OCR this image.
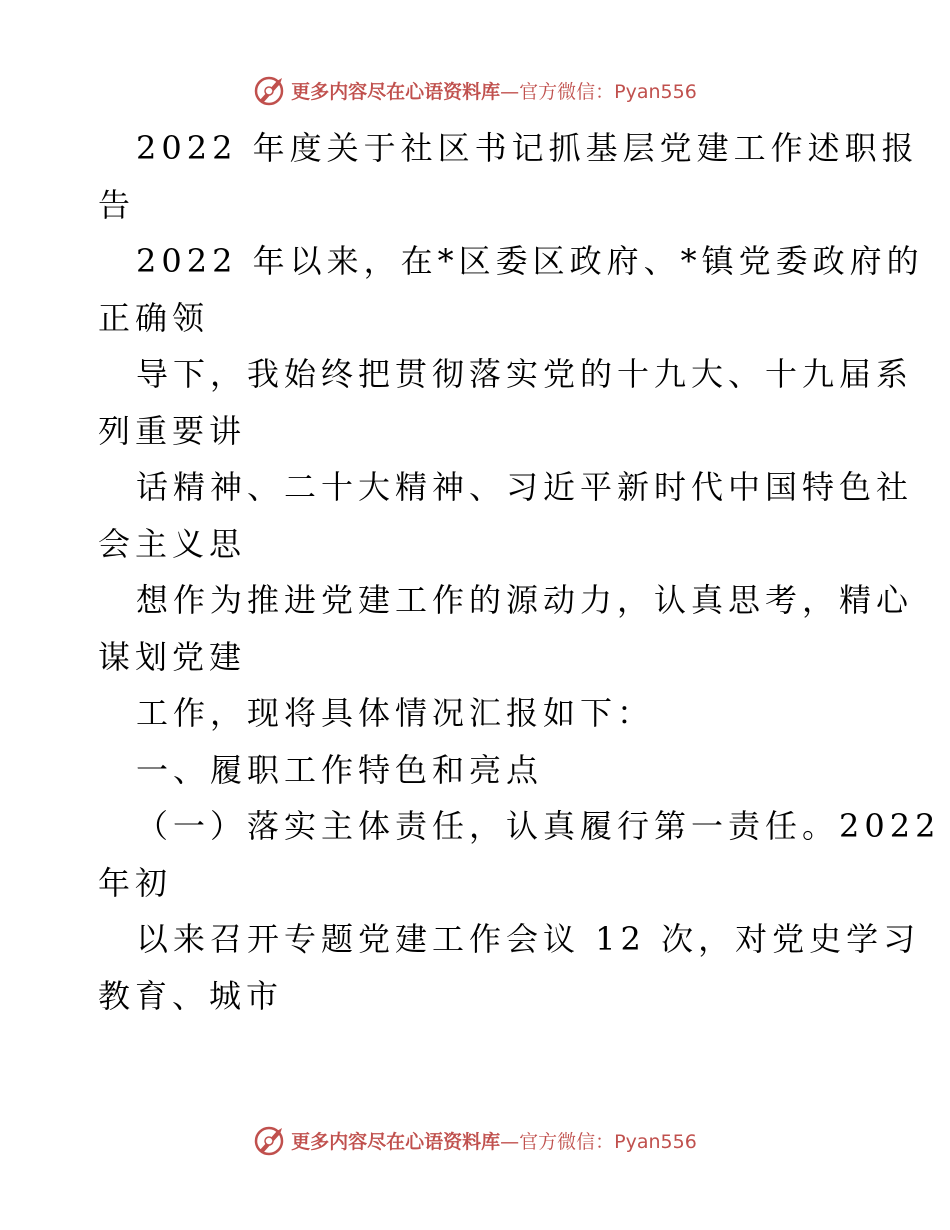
更多内容尽在心语资料库—官方微信：Pyan556
2022 年度关于社区书记抓基层党建工作述职报
告
2022 年以来，在*区委区政府、*镇党委政府的
正确领
导下，我始终把贯彻落实党的十九大、十九届系
列重要讲
话精神、二十大精神、习近平新时代中国特色社
会主义思
想作为推进党建工作的源动力，认真思考，精心
谋划党建
工作，现将具体情况汇报如下：
一、履职工作特色和亮点
（一）落实主体责任，认真履行第一责任。2022
年初
以来召开专题党建工作会议 12 次，对党史学习
教育、城市
更多内容尽在心语资料库—官方微信：Pyan556
